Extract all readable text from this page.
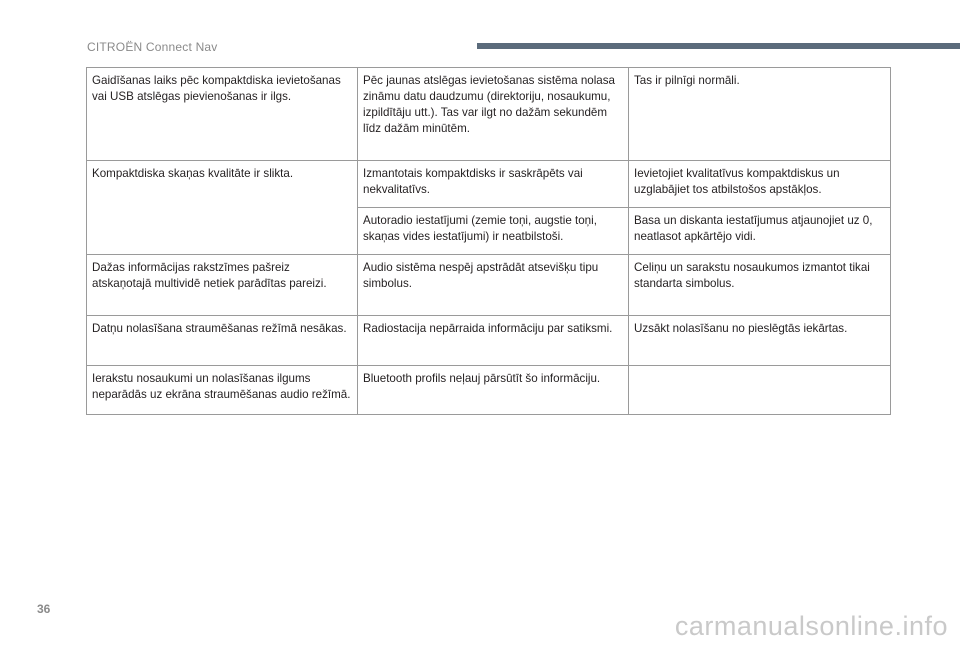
CITROËN Connect Nav
Gaidīšanas laiks pēc kompaktdiska ievietošanas vai USB atslēgas pievienošanas ir ilgs.	Pēc jaunas atslēgas ievietošanas sistēma nolasa zināmu datu daudzumu (direktoriju, nosaukumu, izpildītāju utt.). Tas var ilgt no dažām sekundēm līdz dažām minūtēm.	Tas ir pilnīgi normāli.
Kompaktdiska skaņas kvalitāte ir slikta.	Izmantotais kompaktdisks ir saskrāpēts vai nekvalitatīvs.	Ievietojiet kvalitatīvus kompaktdiskus un uzglabājiet tos atbilstošos apstākļos.
	Autoradio iestatījumi (zemie toņi, augstie toņi, skaņas vides iestatījumi) ir neatbilstoši.	Basa un diskanta iestatījumus atjaunojiet uz 0, neatlasot apkārtējo vidi.
Dažas informācijas rakstzīmes pašreiz atskaņotajā multividē netiek parādītas pareizi.	Audio sistēma nespēj apstrādāt atsevišķu tipu simbolus.	Celiņu un sarakstu nosaukumos izmantot tikai standarta simbolus.
Datņu nolasīšana straumēšanas režīmā nesākas.	Radiostacija nepārraida informāciju par satiksmi.	Uzsākt nolasīšanu no pieslēgtās iekārtas.
Ierakstu nosaukumi un nolasīšanas ilgums neparādās uz ekrāna straumēšanas audio režīmā.	Bluetooth profils neļauj pārsūtīt šo informāciju.	
36
carmanualsonline.info
